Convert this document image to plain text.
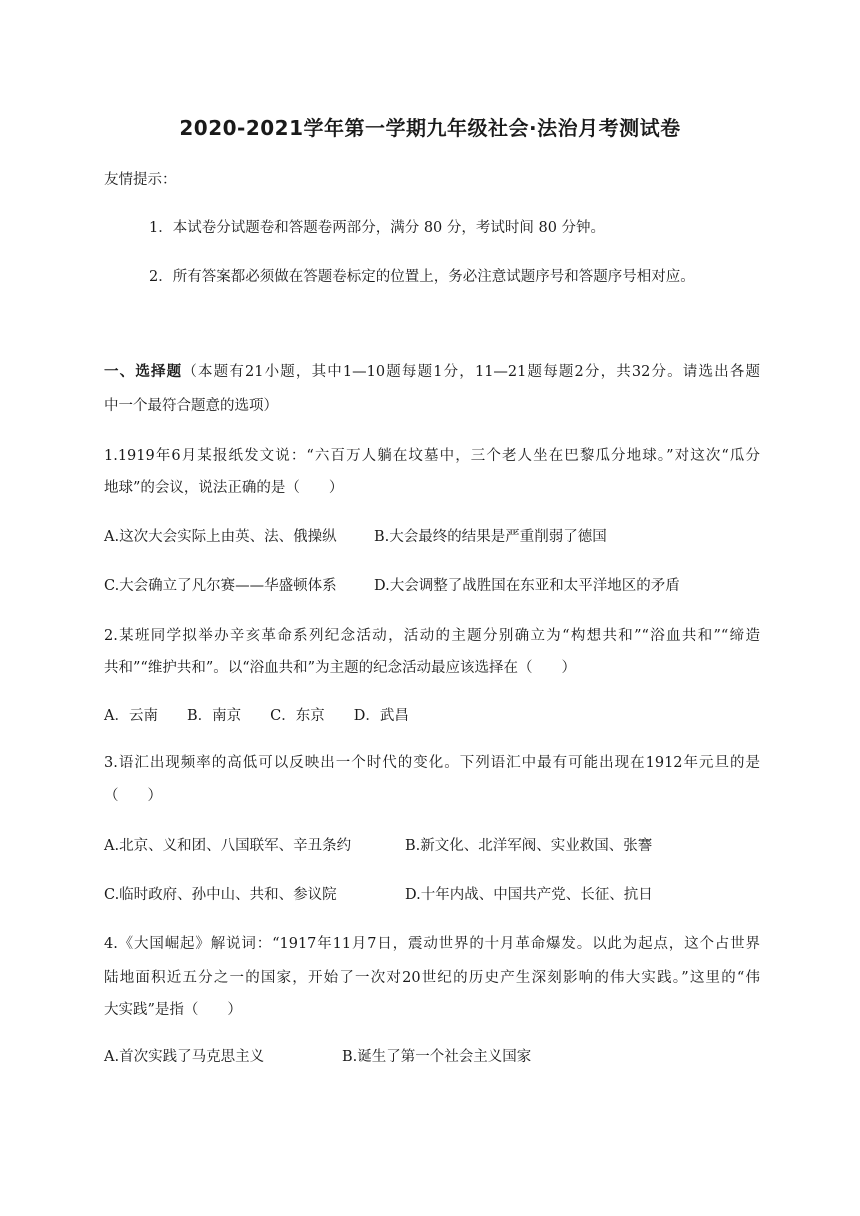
2020-2021学年第一学期九年级社会·法治月考测试卷
友情提示：
1．本试卷分试题卷和答题卷两部分，满分 80 分，考试时间 80 分钟。
2．所有答案都必须做在答题卷标定的位置上，务必注意试题序号和答题序号相对应。
一、选择题（本题有21小题，其中1—10题每题1分，11—21题每题2分，共32分。请选出各题
中一个最符合题意的选项）
1.1919年6月某报纸发文说：“六百万人躺在坟墓中，三个老人坐在巴黎瓜分地球。”对这次“瓜分
地球”的会议，说法正确的是（　　）
A.这次大会实际上由英、法、俄操纵	B.大会最终的结果是严重削弱了德国
C.大会确立了凡尔赛——华盛顿体系	D.大会调整了战胜国在东亚和太平洋地区的矛盾
2.某班同学拟举办辛亥革命系列纪念活动，活动的主题分别确立为“构想共和”“浴血共和”“缔造
共和”“维护共和”。以“浴血共和”为主题的纪念活动最应该选择在（　　）
A．云南　　B．南京　　C．东京　　D．武昌
3.语汇出现频率的高低可以反映出一个时代的变化。下列语汇中最有可能出现在1912年元旦的是
（　　）
A.北京、义和团、八国联军、辛丑条约	B.新文化、北洋军阀、实业救国、张謇
C.临时政府、孙中山、共和、参议院	D.十年内战、中国共产党、长征、抗日
4.《大国崛起》解说词：“1917年11月7日，震动世界的十月革命爆发。以此为起点，这个占世界
陆地面积近五分之一的国家，开始了一次对20世纪的历史产生深刻影响的伟大实践。”这里的“伟
大实践”是指（　　）
A.首次实践了马克思主义	B.诞生了第一个社会主义国家
